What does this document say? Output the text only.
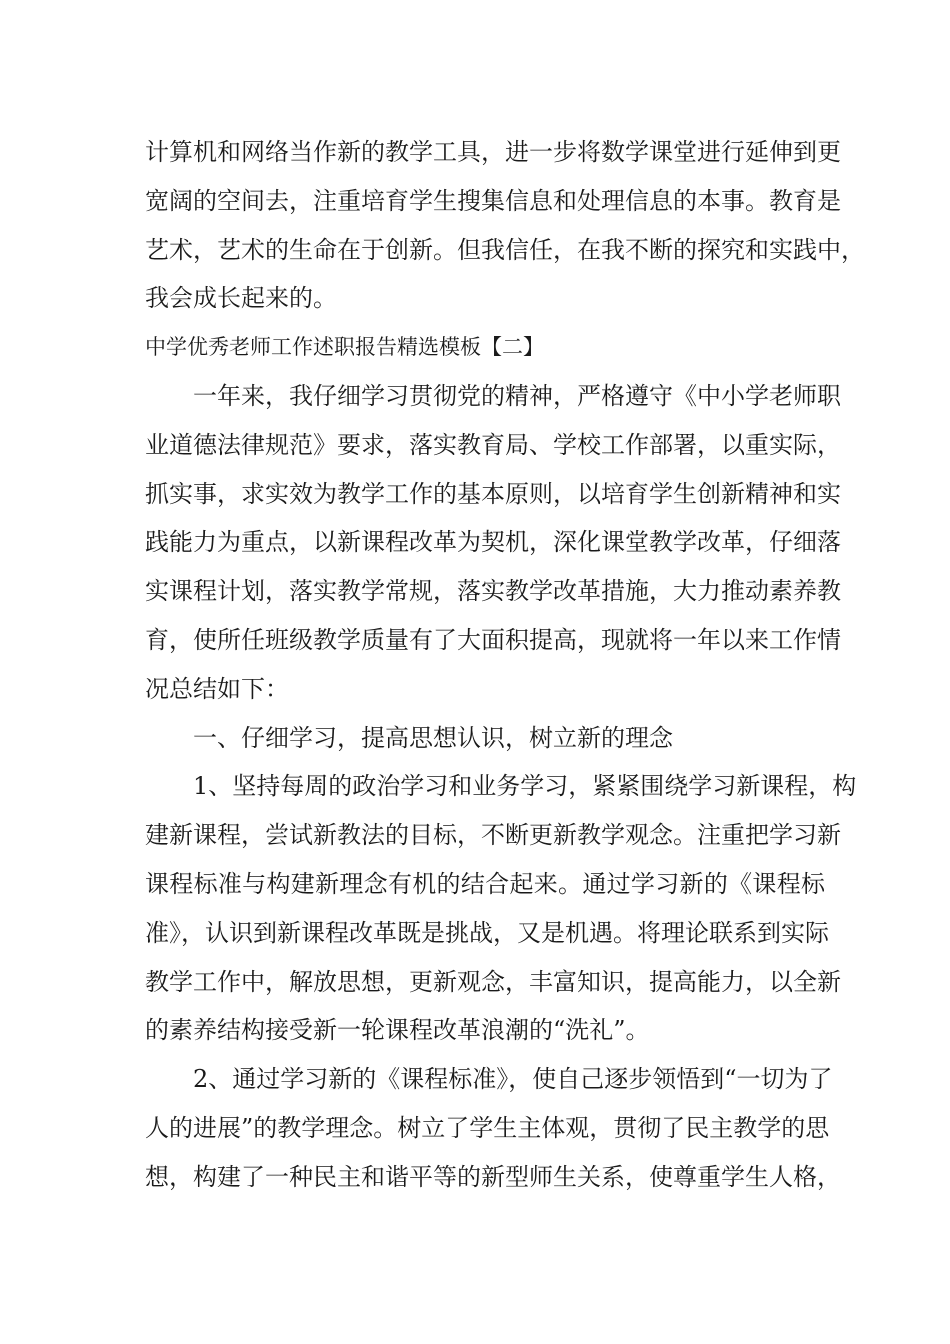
计算机和网络当作新的教学工具，进一步将数学课堂进行延伸到更
宽阔的空间去，注重培育学生搜集信息和处理信息的本事。教育是
艺术，艺术的生命在于创新。但我信任，在我不断的探究和实践中，
我会成长起来的。
中学优秀老师工作述职报告精选模板【二】
一年来，我仔细学习贯彻党的精神，严格遵守《中小学老师职
业道德法律规范》要求，落实教育局、学校工作部署，以重实际，
抓实事，求实效为教学工作的基本原则，以培育学生创新精神和实
践能力为重点，以新课程改革为契机，深化课堂教学改革，仔细落
实课程计划，落实教学常规，落实教学改革措施，大力推动素养教
育，使所任班级教学质量有了大面积提高，现就将一年以来工作情
况总结如下：
一、仔细学习，提高思想认识，树立新的理念
1、坚持每周的政治学习和业务学习，紧紧围绕学习新课程，构
建新课程，尝试新教法的目标，不断更新教学观念。注重把学习新
课程标准与构建新理念有机的结合起来。通过学习新的《课程标
准》，认识到新课程改革既是挑战，又是机遇。将理论联系到实际
教学工作中，解放思想，更新观念，丰富知识，提高能力，以全新
的素养结构接受新一轮课程改革浪潮的“洗礼”。
2、通过学习新的《课程标准》，使自己逐步领悟到“一切为了
人的进展”的教学理念。树立了学生主体观，贯彻了民主教学的思
想，构建了一种民主和谐平等的新型师生关系，使尊重学生人格，
